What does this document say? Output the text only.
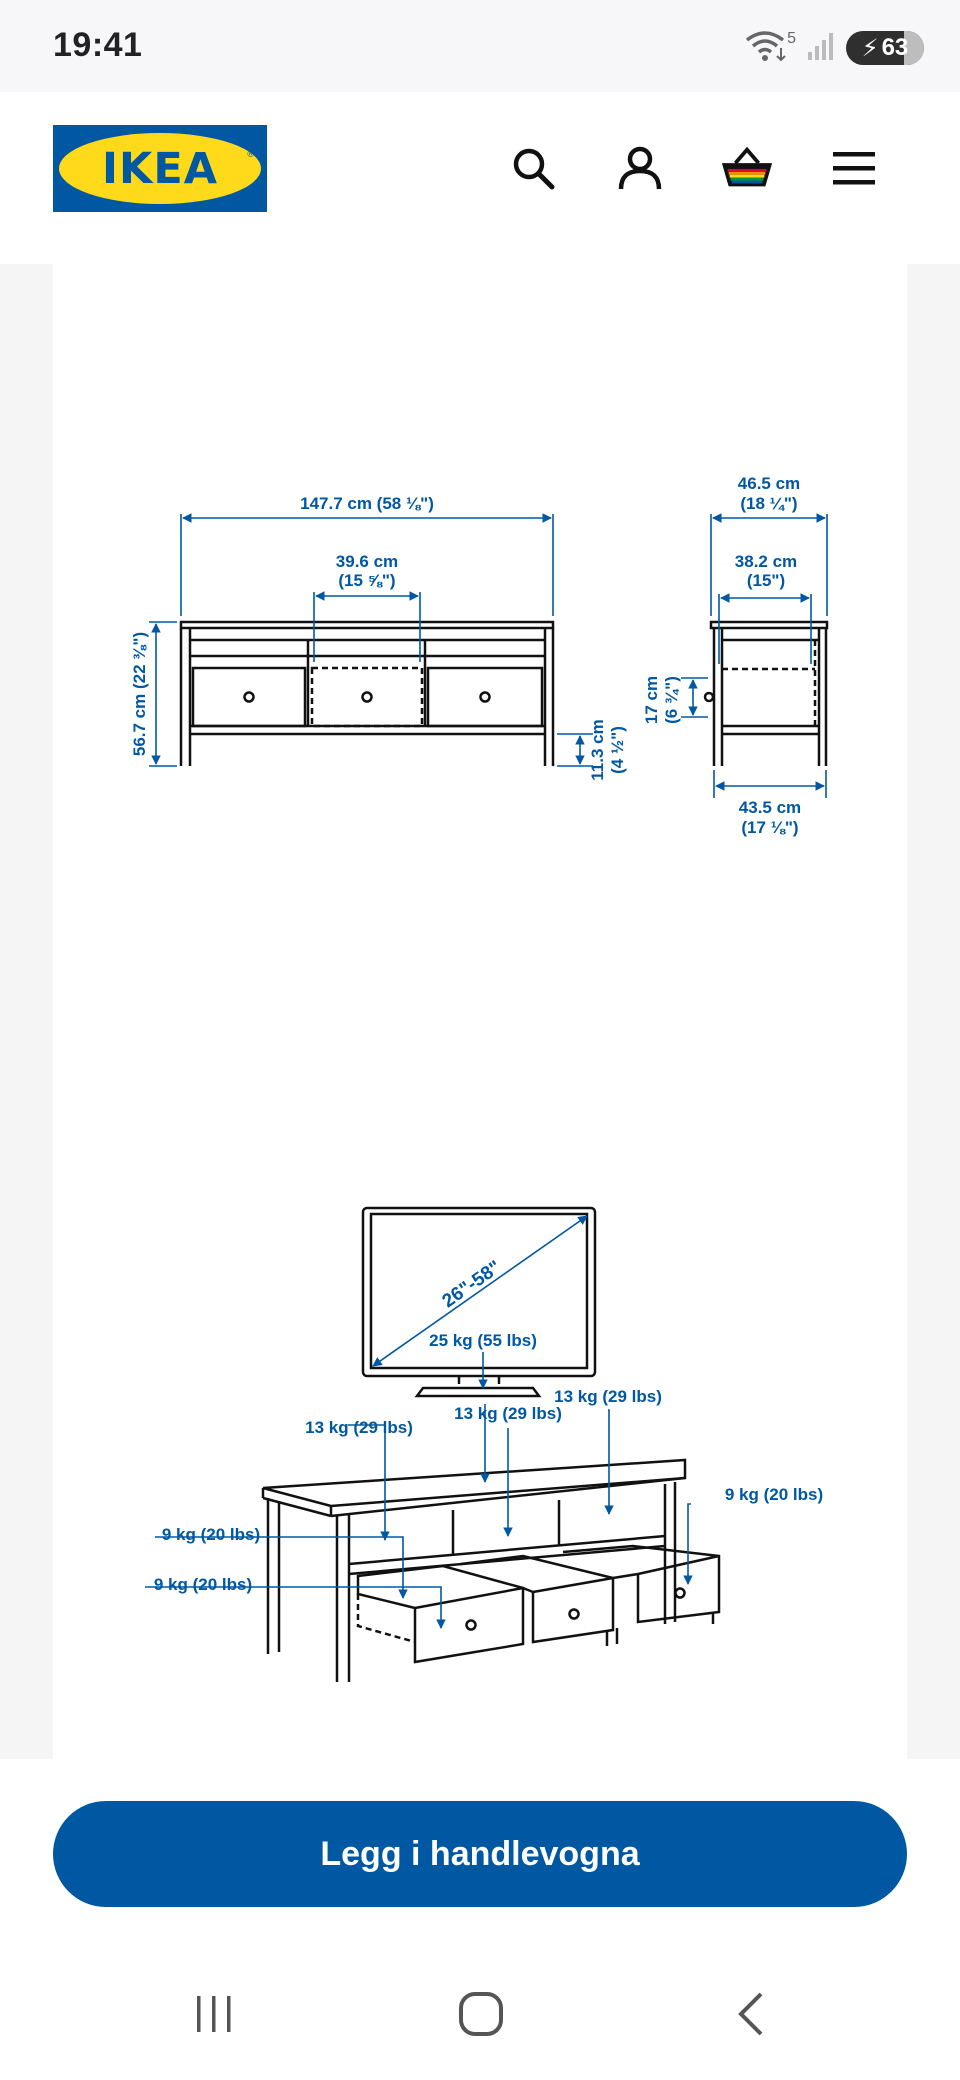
19:41	5	⚡ 63
IKEA	®
147.7 cm (58 ⅛")
39.6 cm
(15 ⅝")
56.7 cm (22 ⅜")	11.3 cm (4 ½")
46.5 cm
(18 ¼")
38.2 cm
(15")
17 cm (6 ¾")
43.5 cm
(17 ⅛")
26"-58"
25 kg (55 lbs)
13 kg (29 lbs)
13 kg (29 lbs)
13 kg (29 lbs)
9 kg (20 lbs)
9 kg (20 lbs)
9 kg (20 lbs)
Legg i handlevogna
